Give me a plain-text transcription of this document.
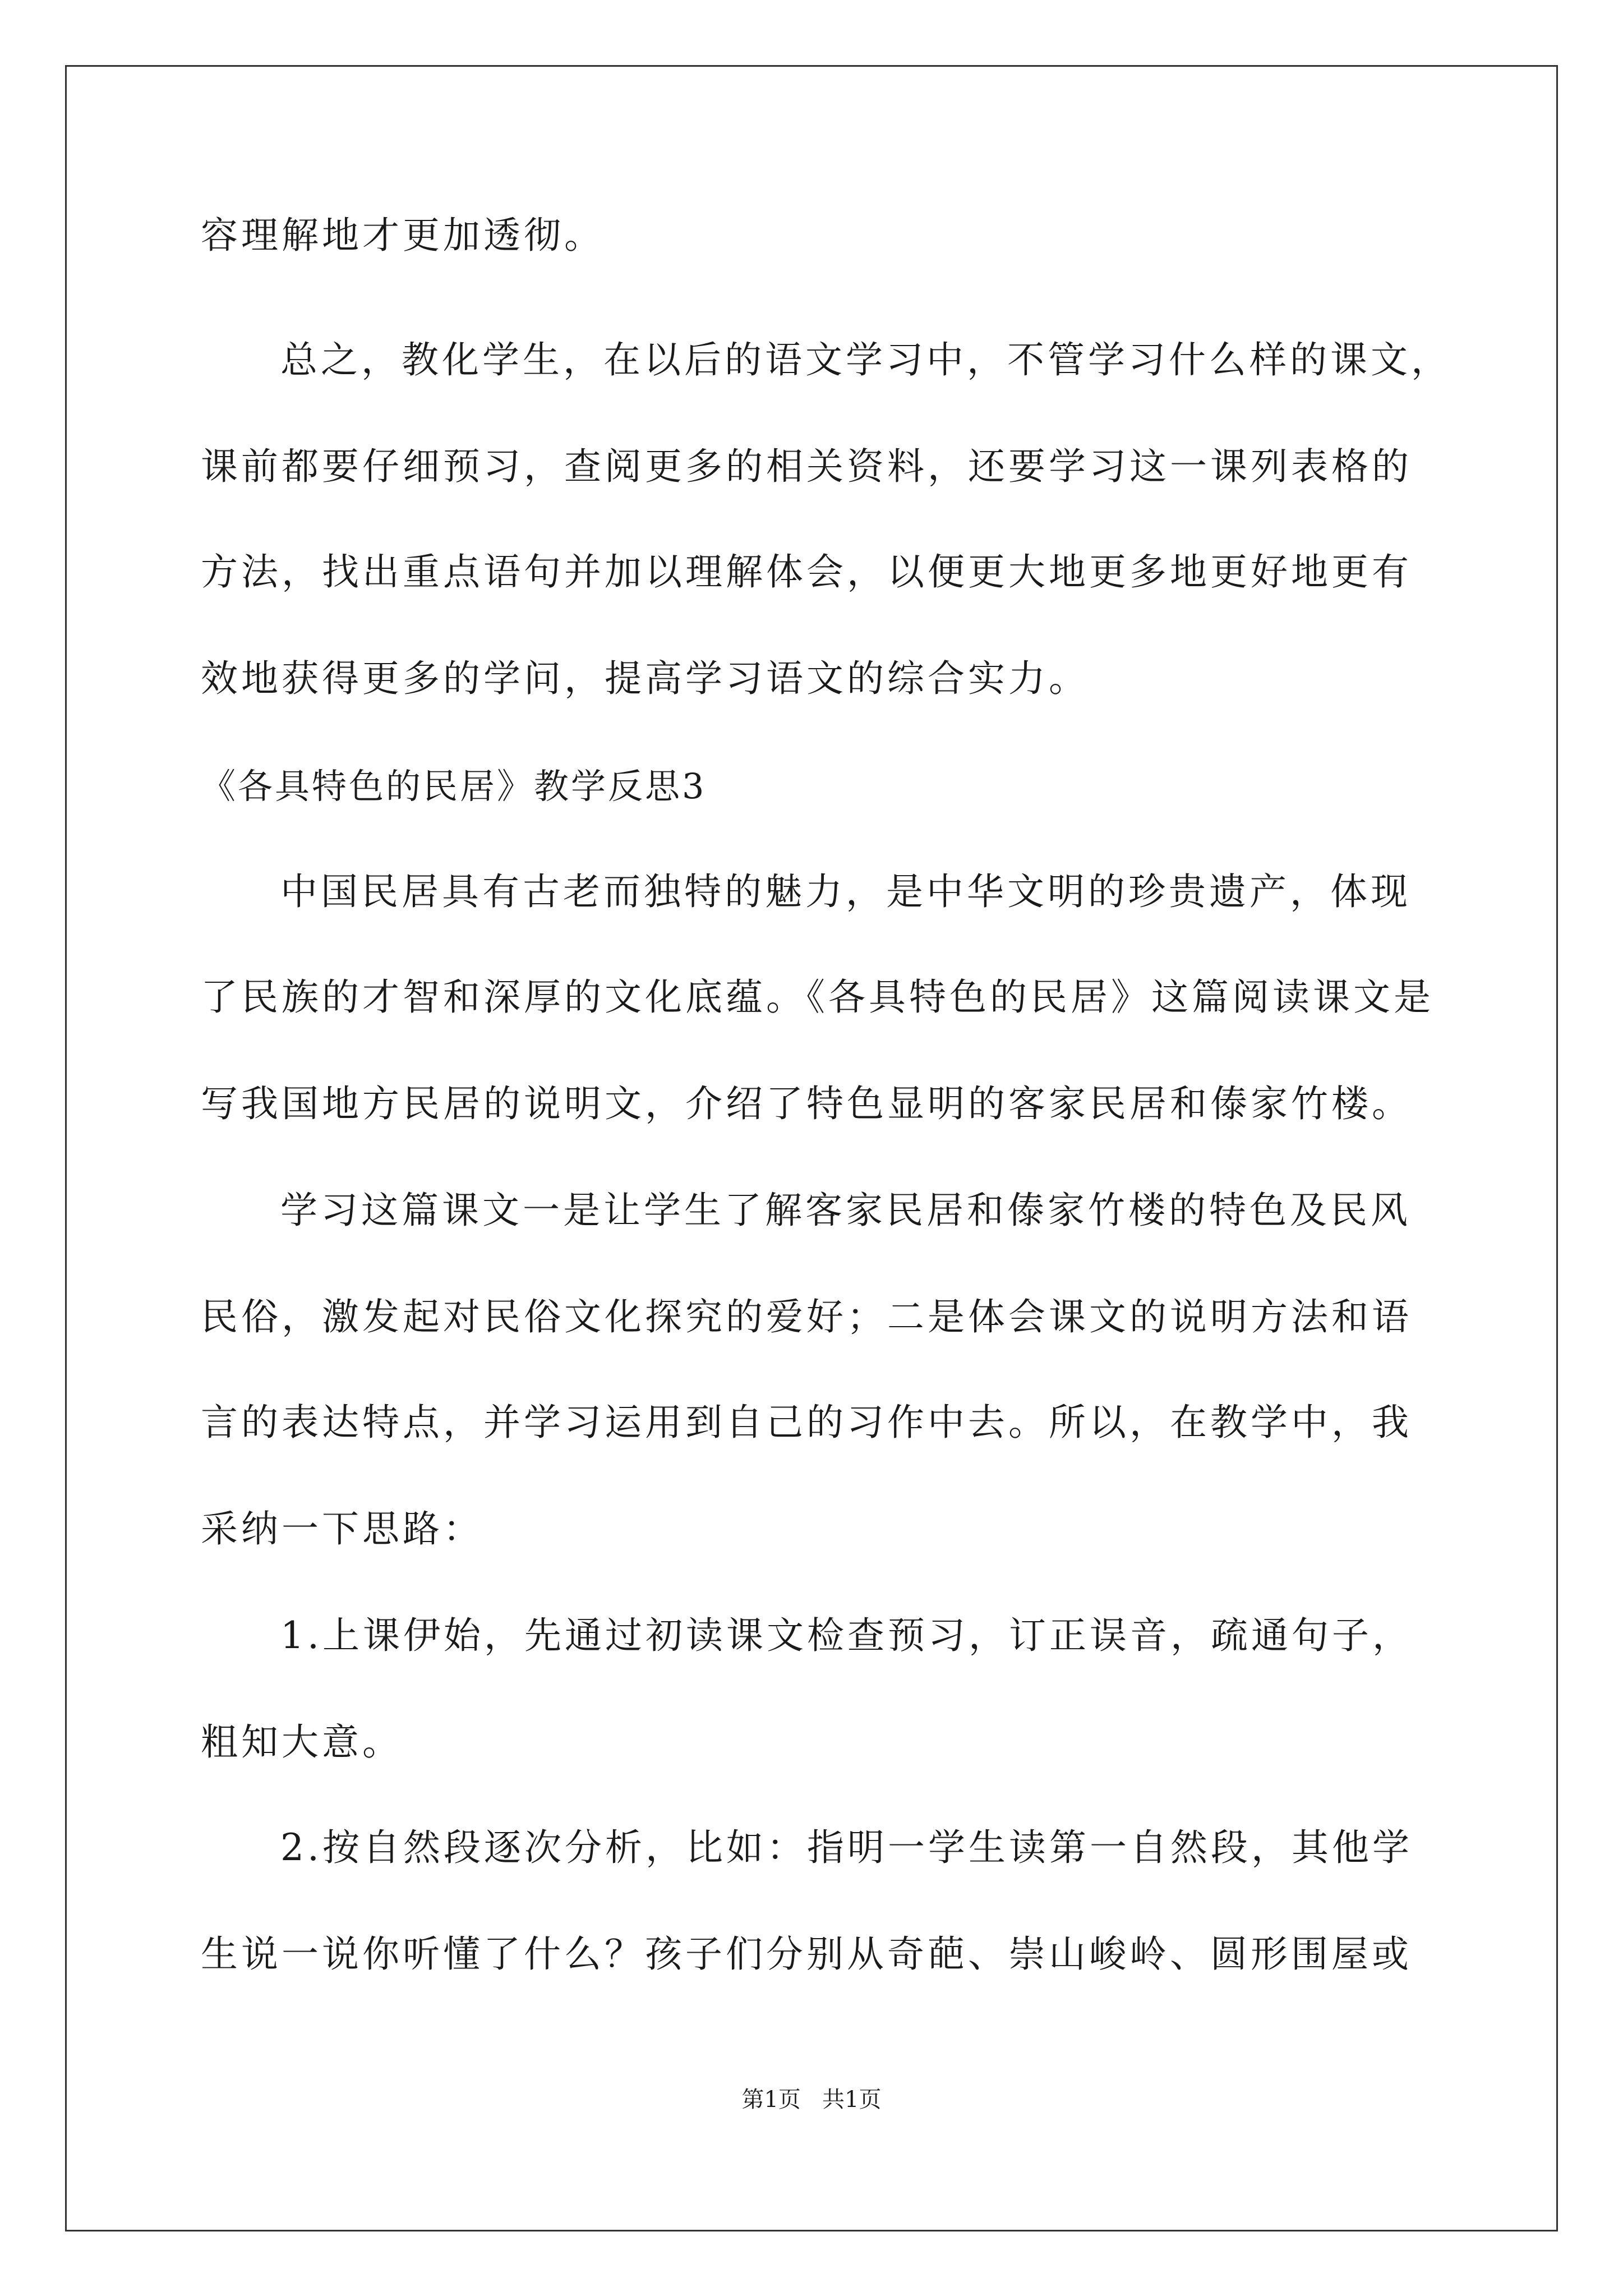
容理解地才更加透彻。
总之，教化学生，在以后的语文学习中，不管学习什么样的课文，
课前都要仔细预习，查阅更多的相关资料，还要学习这一课列表格的
方法，找出重点语句并加以理解体会，以便更大地更多地更好地更有
效地获得更多的学问，提高学习语文的综合实力。
《各具特色的民居》教学反思3
中国民居具有古老而独特的魅力，是中华文明的珍贵遗产，体现
了民族的才智和深厚的文化底蕴。《各具特色的民居》这篇阅读课文是
写我国地方民居的说明文，介绍了特色显明的客家民居和傣家竹楼。
学习这篇课文一是让学生了解客家民居和傣家竹楼的特色及民风
民俗，激发起对民俗文化探究的爱好；二是体会课文的说明方法和语
言的表达特点，并学习运用到自己的习作中去。所以，在教学中，我
采纳一下思路：
1.上课伊始，先通过初读课文检查预习，订正误音，疏通句子，
粗知大意。
2.按自然段逐次分析，比如：指明一学生读第一自然段，其他学
生说一说你听懂了什么？孩子们分别从奇葩、崇山峻岭、圆形围屋或
第1页   共1页
